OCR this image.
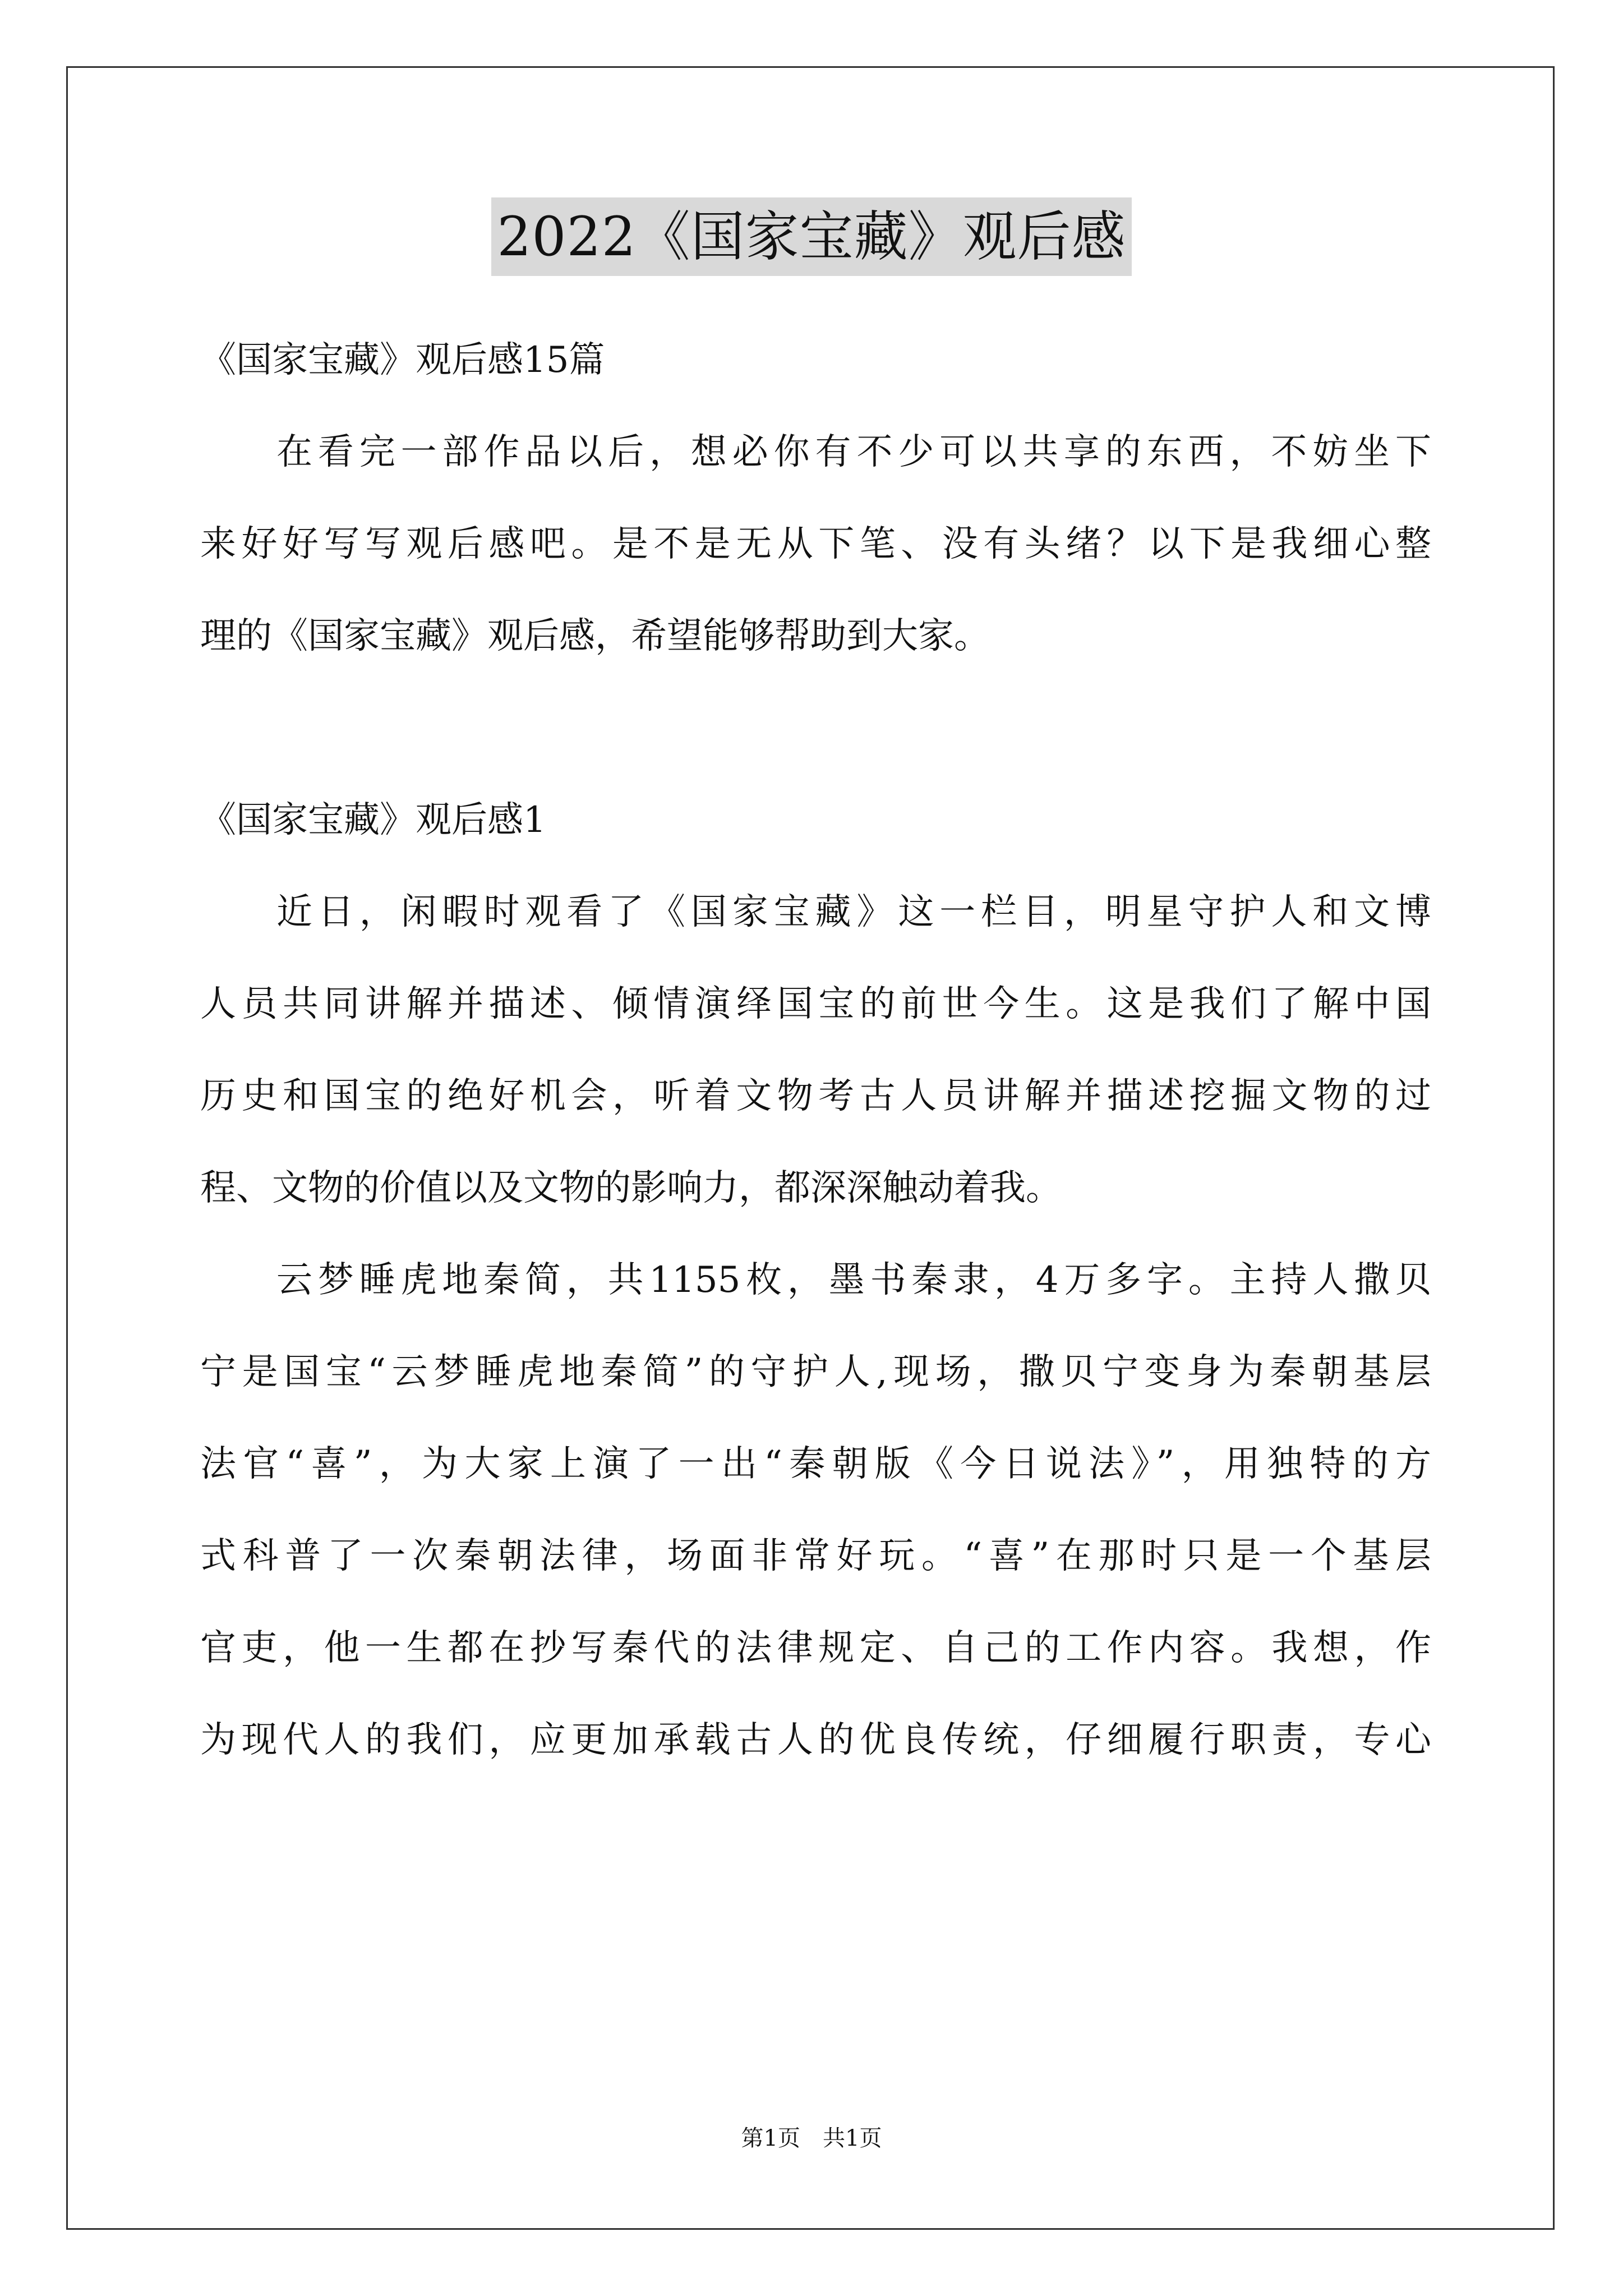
2022《国家宝藏》观后感
《国家宝藏》观后感15篇
在看完一部作品以后，想必你有不少可以共享的东西，不妨坐下
来好好写写观后感吧。是不是无从下笔、没有头绪？以下是我细心整
理的《国家宝藏》观后感，希望能够帮助到大家。
《国家宝藏》观后感1
近日，闲暇时观看了《国家宝藏》这一栏目，明星守护人和文博
人员共同讲解并描述、倾情演绎国宝的前世今生。这是我们了解中国
历史和国宝的绝好机会，听着文物考古人员讲解并描述挖掘文物的过
程、文物的价值以及文物的影响力，都深深触动着我。
云梦睡虎地秦简，共1155枚，墨书秦隶，4万多字。主持人撒贝
宁是国宝“云梦睡虎地秦简”的守护人,现场，撒贝宁变身为秦朝基层
法官“喜”，为大家上演了一出“秦朝版《今日说法》”，用独特的方
式科普了一次秦朝法律，场面非常好玩。“喜”在那时只是一个基层
官吏，他一生都在抄写秦代的法律规定、自己的工作内容。我想，作
为现代人的我们，应更加承载古人的优良传统，仔细履行职责，专心
第1页　共1页
